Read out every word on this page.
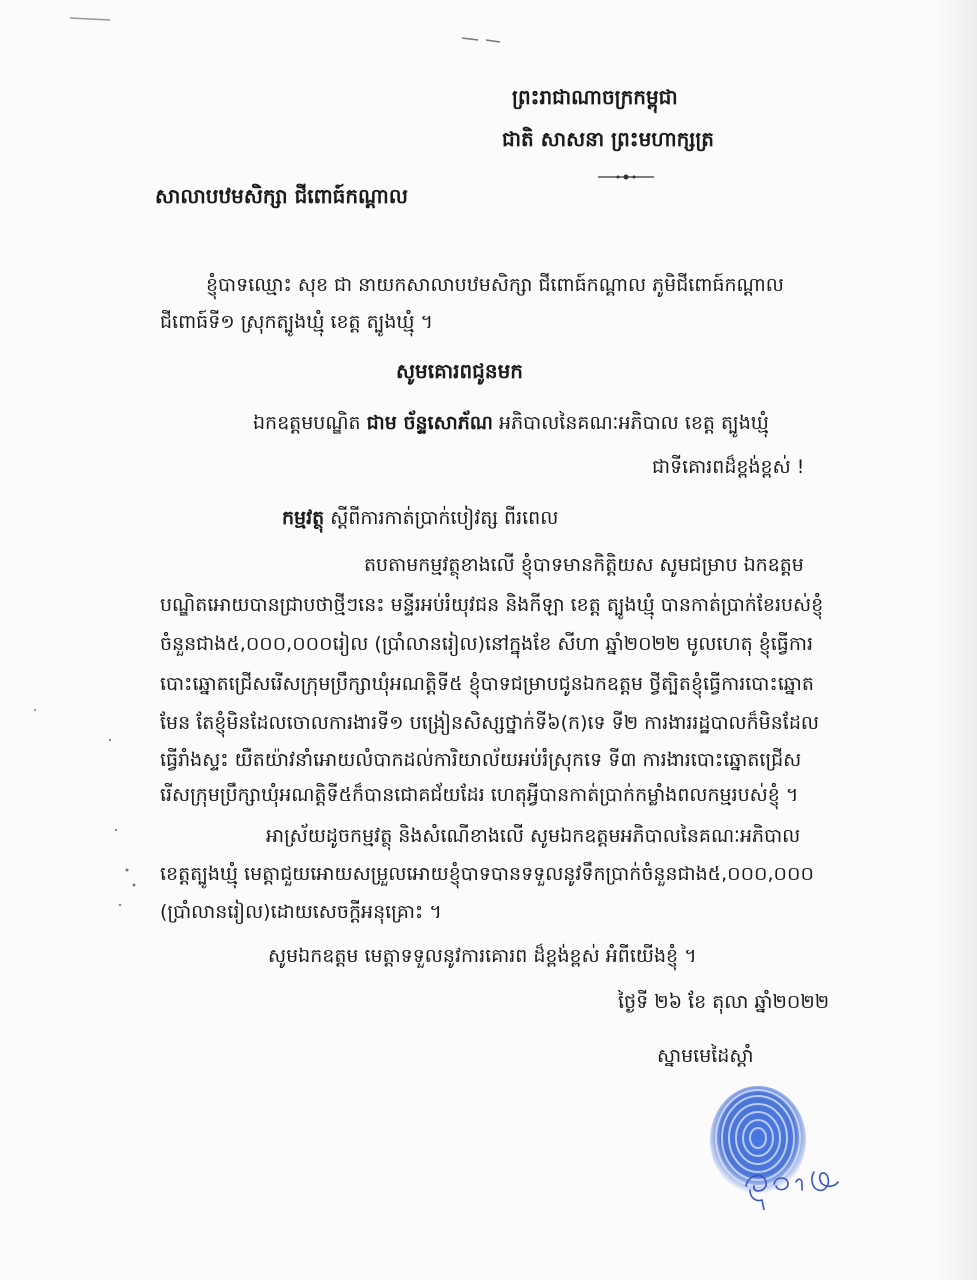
ព្រះរាជាណាចក្រកម្ពុជា
ជាតិ សាសនា ព្រះមហាក្សត្រ
សាលាបឋមសិក្សា ជីពោធ៍កណ្តាល
ខ្ញុំបាទឈ្មោះ សុខ ជា នាយកសាលាបឋមសិក្សា ជីពោធ៍កណ្តាល ភូមិជីពោធ៍កណ្តាល
ជីពោធ៍ទី១ ស្រុកត្បូងឃ្មុំ ខេត្ត ត្បូងឃ្មុំ ។
សូមគោរពជូនមក
ឯកឧត្តមបណ្ឌិត ជាម ច័ន្ទសោភ័ណ អភិបាលនៃគណៈអភិបាល ខេត្ត ត្បូងឃ្មុំ
ជាទីគោរពដ៏ខ្ពង់ខ្ពស់ !
កម្មវត្ថុ ស្តីពីការកាត់ប្រាក់បៀវត្ស ពីរពេល
តបតាមកម្មវត្ថុខាងលើ ខ្ញុំបាទមានកិត្តិយស សូមជម្រាប ឯកឧត្តម
បណ្ឌិតអោយបានជ្រាបថាថ្មីៗនេះ មន្ទីរអប់រំយុវជន និងកីឡា ខេត្ត ត្បូងឃ្មុំ បានកាត់ប្រាក់ខែរបស់ខ្ញុំ
ចំនួនជាង៥,០០០,០០០រៀល (ប្រាំលានរៀល)នៅក្នុងខែ សីហា ឆ្នាំ២០២២ មូលហេតុ ខ្ញុំធ្វើការ
បោះឆ្នោតជ្រើសរើសក្រុមប្រឹក្សាឃុំអណត្តិទី៥ ខ្ញុំបាទជម្រាបជូនឯកឧត្តម ថ្វីត្បិតខ្ញុំធ្វើការបោះឆ្នោត
មែន តែខ្ញុំមិនដែលចោលការងារទី១ បង្រៀនសិស្សថ្នាក់ទី៦(ក)ទេ ទី២ ការងាររដ្ឋបាលក៏មិនដែល
ធ្វើរាំងស្ទះ យឺតយ៉ាវនាំអោយលំបាកដល់ការិយាល័យអប់រំស្រុកទេ ទី៣ ការងារបោះឆ្នោតជ្រើស
រើសក្រុមប្រឹក្សាឃុំអណត្តិទី៥ក៏បានជោគជ័យដែរ ហេតុអ្វីបានកាត់ប្រាក់កម្លាំងពលកម្មរបស់ខ្ញុំ ។
អាស្រ័យដូចកម្មវត្ថុ និងសំណើខាងលើ សូមឯកឧត្តមអភិបាលនៃគណៈអភិបាល
ខេត្តត្បូងឃ្មុំ មេត្តាជួយអោយសម្រួលអោយខ្ញុំបាទបានទទួលនូវទឹកប្រាក់ចំនួនជាង៥,០០០,០០០
(ប្រាំលានរៀល)ដោយសេចក្តីអនុគ្រោះ ។
សូមឯកឧត្តម មេត្តាទទួលនូវការគោរព ដ៏ខ្ពង់ខ្ពស់ អំពីយើងខ្ញុំ ។
ថ្ងៃទី ២៦ ខែ តុលា ឆ្នាំ២០២២
ស្នាមមេដៃស្តាំ
